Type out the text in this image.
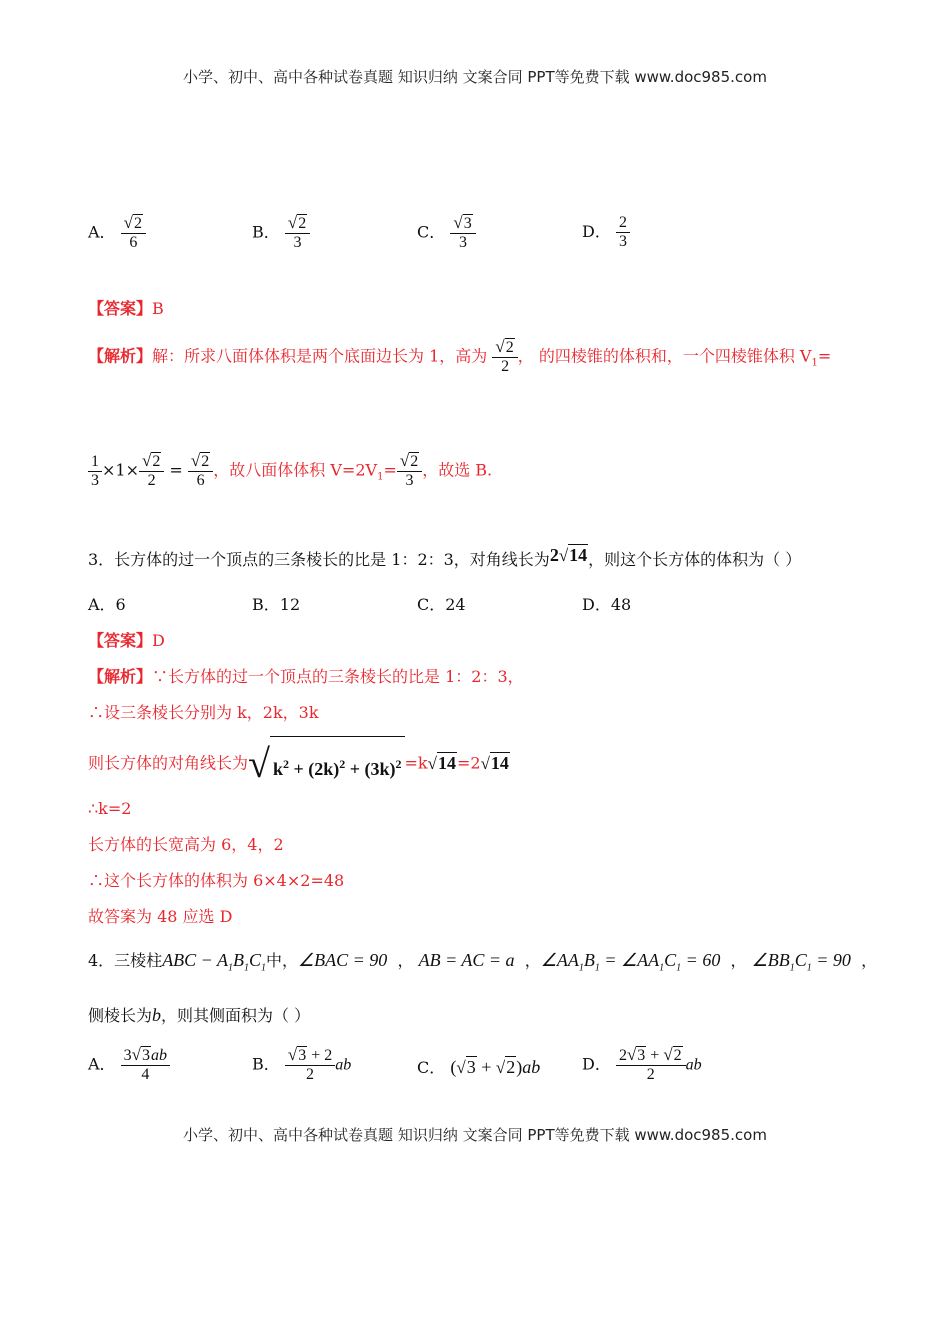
小学、初中、高中各种试卷真题 知识归纳 文案合同 PPT等免费下载 www.doc985.com
A． $\frac{√2}{6}$	B． $\frac{√2}{3}$	C． $\frac{√3}{3}$	D． $\frac{2}{3}$
【答案】B
【解析】解：所求八面体体积是两个底面边长为 1，高为 $\frac{√2}{2}$ ， 的四棱锥的体积和，一个四棱锥体积 $V_1=$
$\frac{1}{3} \times 1\times \frac{√2}{2} = \frac{√2}{6}$ ，故八面体体积 $V=2V_1= \frac{√2}{3}$ ，故选 B.
3．长方体的过一个顶点的三条棱长的比是 1：2：3，对角线长为2√14，则这个长方体的体积为（ ）
A．6	B．12	C．24	D．48
【答案】D
【解析】∵长方体的过一个顶点的三条棱长的比是 1：2：3，
∴设三条棱长分别为 k，2k，3k
则长方体的对角线长为√ $k^2 + (2k)^2 + (3k)^2 =k√14=2√14$
∴k=2
长方体的长宽高为 6，4，2
∴这个长方体的体积为 6×4×2=48
故答案为 48 应选 D
4．三棱柱ABC − $A_1B_1C_1$中，∠BAC = 90  ， AB = AC = a  ，$\angle AA_1B_1$ = $\angle AA_1C_1 = 60$  ， $\angle BB_1C_1 = 90$  ，
侧棱长为b，则其侧面积为（ ）
A． $\frac{3√3ab}{4}$	B． $\frac{√3 + 2}{2}$ ab	C． (√3 + √2)ab	D． $\frac{2√3 + √2}{2}$ ab
小学、初中、高中各种试卷真题 知识归纳 文案合同 PPT等免费下载 www.doc985.com
